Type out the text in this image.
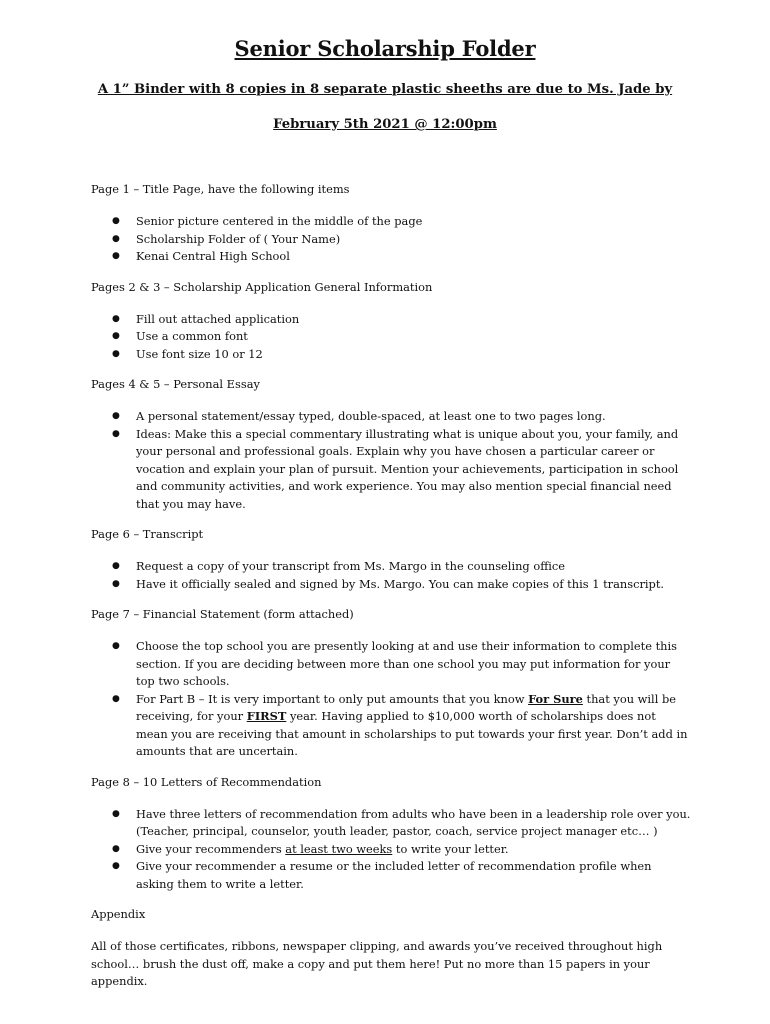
Senior Scholarship Folder
A 1” Binder with 8 copies in 8 separate plastic sheeths are due to Ms. Jade by
February 5th 2021 @ 12:00pm

Page 1 – Title Page, have the following items

● Senior picture centered in the middle of the page
● Scholarship Folder of ( Your Name)
● Kenai Central High School

Pages 2 & 3 – Scholarship Application General Information

● Fill out attached application
● Use a common font
● Use font size 10 or 12

Pages 4 & 5 – Personal Essay

● A personal statement/essay typed, double-spaced, at least one to two pages long.
● Ideas: Make this a special commentary illustrating what is unique about you, your family, and your personal and professional goals. Explain why you have chosen a particular career or vocation and explain your plan of pursuit. Mention your achievements, participation in school and community activities, and work experience. You may also mention special financial need that you may have.

Page 6 – Transcript

● Request a copy of your transcript from Ms. Margo in the counseling office
● Have it officially sealed and signed by Ms. Margo. You can make copies of this 1 transcript.

Page 7 – Financial Statement (form attached)

● Choose the top school you are presently looking at and use their information to complete this section. If you are deciding between more than one school you may put information for your top two schools.
● For Part B – It is very important to only put amounts that you know For Sure that you will be receiving, for your FIRST year. Having applied to $10,000 worth of scholarships does not mean you are receiving that amount in scholarships to put towards your first year. Don’t add in amounts that are uncertain.

Page 8 – 10 Letters of Recommendation

● Have three letters of recommendation from adults who have been in a leadership role over you. (Teacher, principal, counselor, youth leader, pastor, coach, service project manager etc… )
● Give your recommenders at least two weeks to write your letter.
● Give your recommender a resume or the included letter of recommendation profile when asking them to write a letter.

Appendix

All of those certificates, ribbons, newspaper clipping, and awards you’ve received throughout high school… brush the dust off, make a copy and put them here! Put no more than 15 papers in your appendix.
